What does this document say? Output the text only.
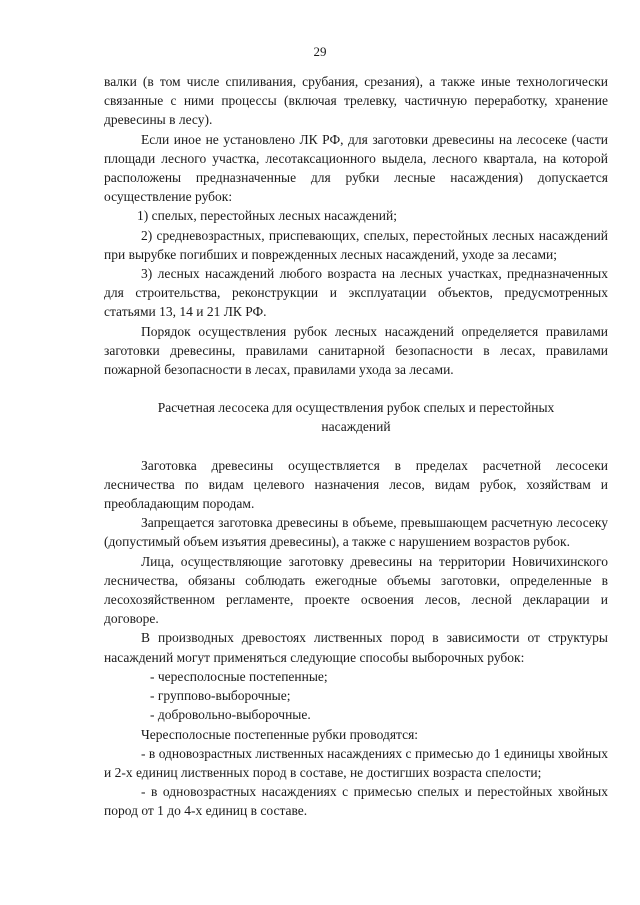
29

валки (в том числе спиливания, срубания, срезания), а также иные технологически связанные с ними процессы (включая трелевку, частичную переработку, хранение древесины в лесу).

Если иное не установлено ЛК РФ, для заготовки древесины на лесосеке (части площади лесного участка, лесотаксационного выдела, лесного квартала, на которой расположены предназначенные для рубки лесные насаждения) допускается осуществление рубок:

1) спелых, перестойных лесных насаждений;

2) средневозрастных, приспевающих, спелых, перестойных лесных насаждений при вырубке погибших и поврежденных лесных насаждений, уходе за лесами;

3) лесных насаждений любого возраста на лесных участках, предназначенных для строительства, реконструкции и эксплуатации объектов, предусмотренных статьями 13, 14 и 21 ЛК РФ.

Порядок осуществления рубок лесных насаждений определяется правилами заготовки древесины, правилами санитарной безопасности в лесах, правилами пожарной безопасности в лесах, правилами ухода за лесами.

Расчетная лесосека для осуществления рубок спелых и перестойных

насаждений

Заготовка древесины осуществляется в пределах расчетной лесосеки лесничества по видам целевого назначения лесов, видам рубок, хозяйствам и преобладающим породам.

Запрещается заготовка древесины в объеме, превышающем расчетную лесосеку (допустимый объем изъятия древесины), а также с нарушением возрастов рубок.

Лица, осуществляющие заготовку древесины на территории Новичихинского лесничества, обязаны соблюдать ежегодные объемы заготовки, определенные в лесохозяйственном регламенте, проекте освоения лесов, лесной декларации и договоре.

В производных древостоях лиственных пород в зависимости от структуры насаждений могут применяться следующие способы выборочных рубок:

- чересполосные постепенные;

- группово-выборочные;

- добровольно-выборочные.

Чересполосные постепенные рубки проводятся:

- в одновозрастных лиственных насаждениях с примесью до 1 единицы хвойных и 2-х единиц лиственных пород в составе, не достигших возраста спелости;

- в одновозрастных насаждениях с примесью спелых и перестойных хвойных пород от 1 до 4-х единиц в составе.
